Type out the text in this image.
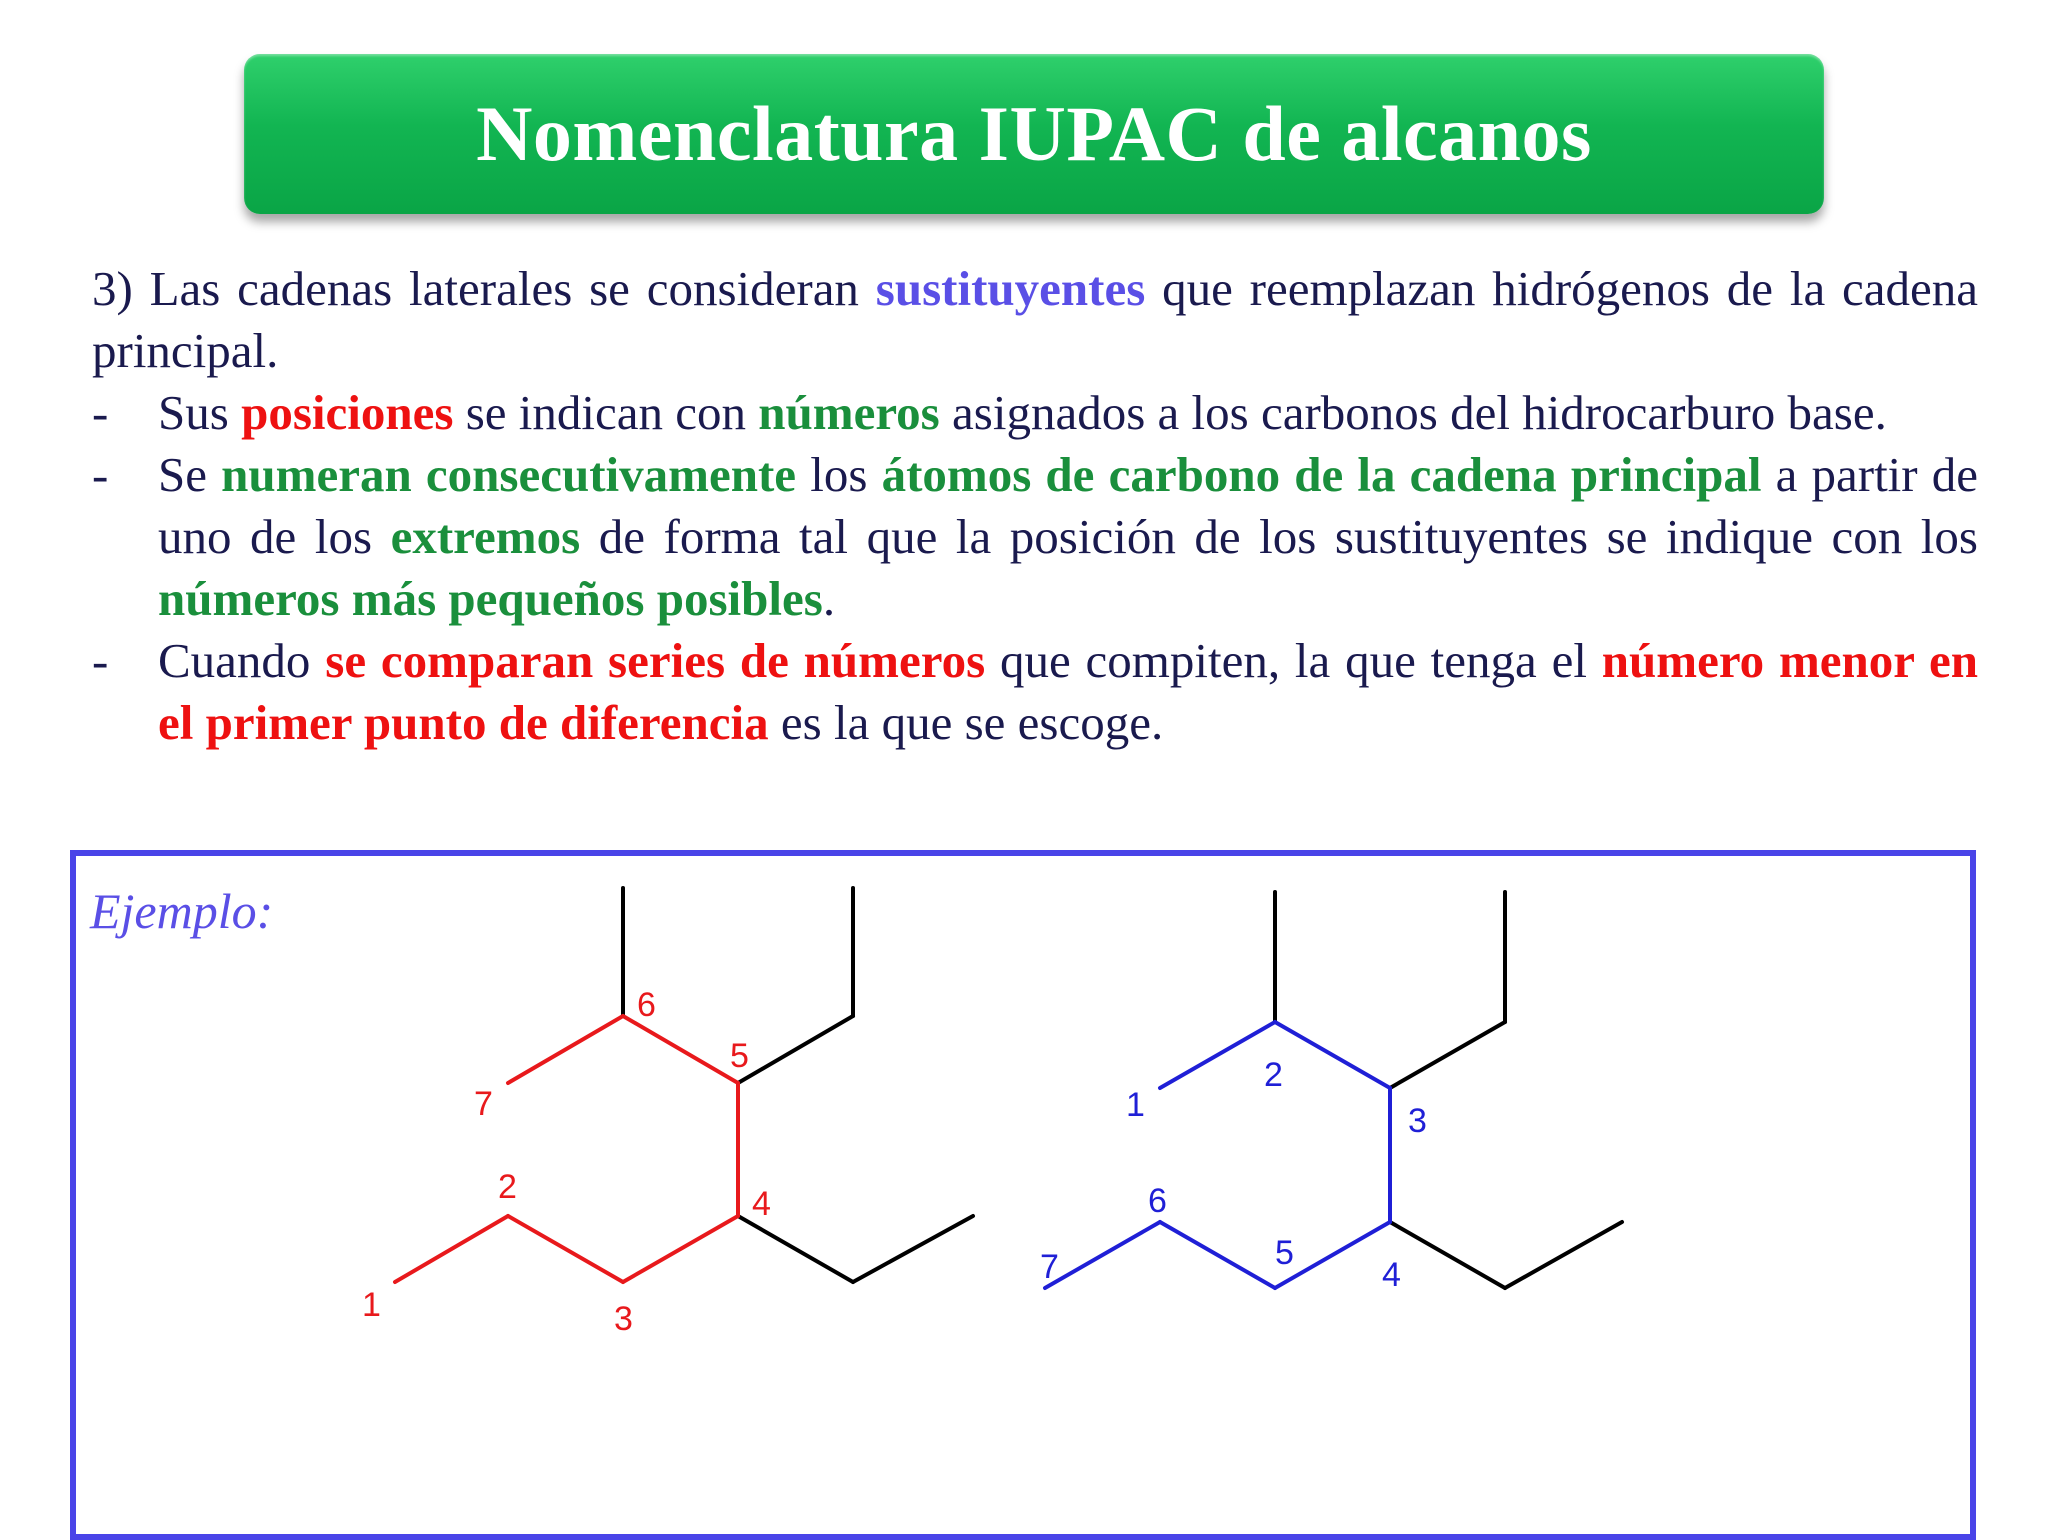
Nomenclatura IUPAC de alcanos

3) Las cadenas laterales se consideran sustituyentes que reemplazan hidrógenos de la cadena principal.

- Sus posiciones se indican con números asignados a los carbonos del hidrocarburo base.

- Se numeran consecutivamente los átomos de carbono de la cadena principal a partir de uno de los extremos de forma tal que la posición de los sustituyentes se indique con los números más pequeños posibles.

- Cuando se comparan series de números que compiten, la que tenga el número menor en el primer punto de diferencia es la que se escoge.

Ejemplo:
1
2
3
4
5
6
7	1
2
3
4
5
6
7
